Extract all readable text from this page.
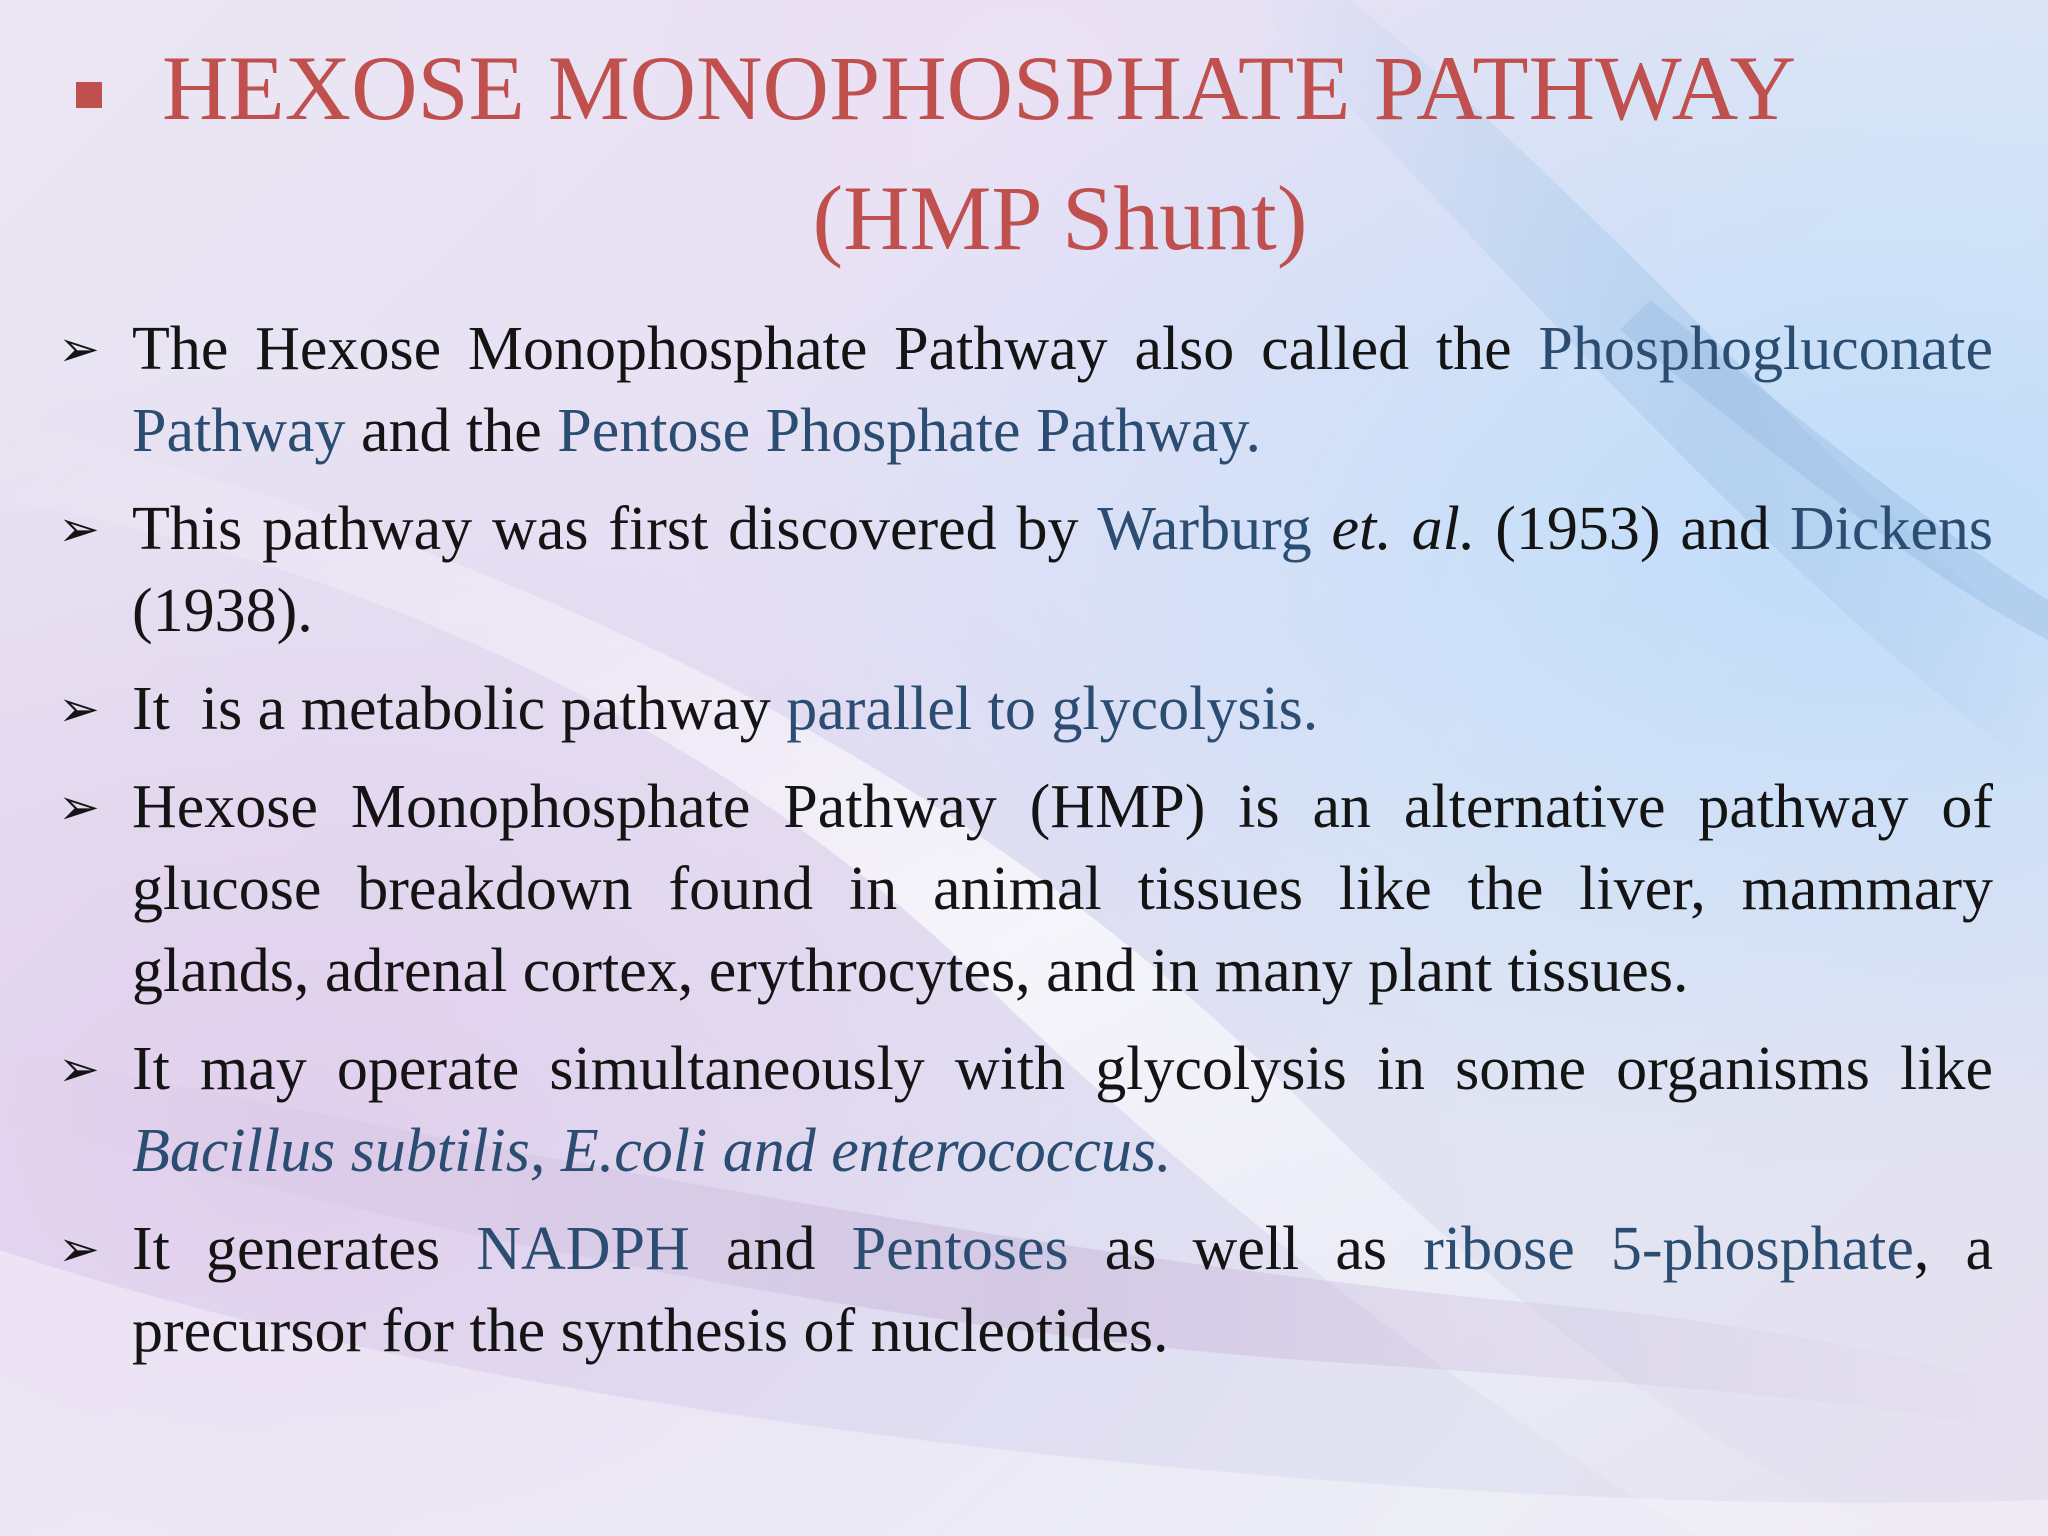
HEXOSE MONOPHOSPHATE PATHWAY
(HMP Shunt)
➢ The Hexose Monophosphate Pathway also called the Phosphogluconate Pathway and the Pentose Phosphate Pathway.
➢ This pathway was first discovered by Warburg et. al. (1953) and Dickens (1938).
➢ It  is a metabolic pathway parallel to glycolysis.
➢ Hexose Monophosphate Pathway (HMP) is an alternative pathway of glucose breakdown found in animal tissues like the liver, mammary glands, adrenal cortex, erythrocytes, and in many plant tissues.
➢ It may operate simultaneously with glycolysis in some organisms like Bacillus subtilis, E.coli and enterococcus.
➢ It generates NADPH and Pentoses as well as ribose 5-phosphate, a precursor for the synthesis of nucleotides.
